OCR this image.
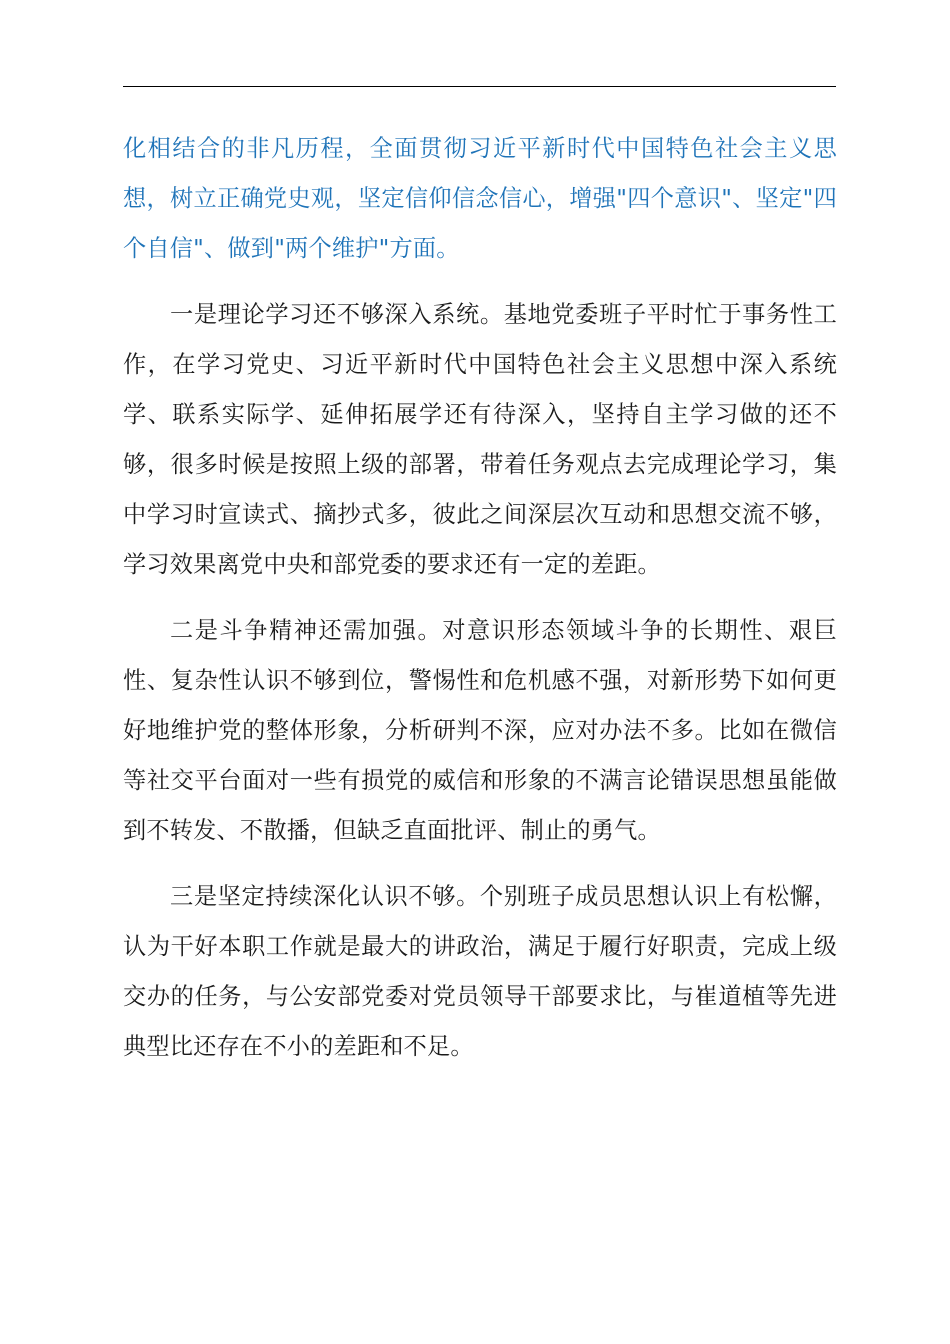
化相结合的非凡历程，全面贯彻习近平新时代中国特色社会主义思想，树立正确党史观，坚定信仰信念信心，增强"四个意识"、坚定"四个自信"、做到"两个维护"方面。

一是理论学习还不够深入系统。基地党委班子平时忙于事务性工作，在学习党史、习近平新时代中国特色社会主义思想中深入系统学、联系实际学、延伸拓展学还有待深入，坚持自主学习做的还不够，很多时候是按照上级的部署，带着任务观点去完成理论学习，集中学习时宣读式、摘抄式多，彼此之间深层次互动和思想交流不够，学习效果离党中央和部党委的要求还有一定的差距。

二是斗争精神还需加强。对意识形态领域斗争的长期性、艰巨性、复杂性认识不够到位，警惕性和危机感不强，对新形势下如何更好地维护党的整体形象，分析研判不深，应对办法不多。比如在微信等社交平台面对一些有损党的威信和形象的不满言论错误思想虽能做到不转发、不散播，但缺乏直面批评、制止的勇气。

三是坚定持续深化认识不够。个别班子成员思想认识上有松懈，认为干好本职工作就是最大的讲政治，满足于履行好职责，完成上级交办的任务，与公安部党委对党员领导干部要求比，与崔道植等先进典型比还存在不小的差距和不足。
